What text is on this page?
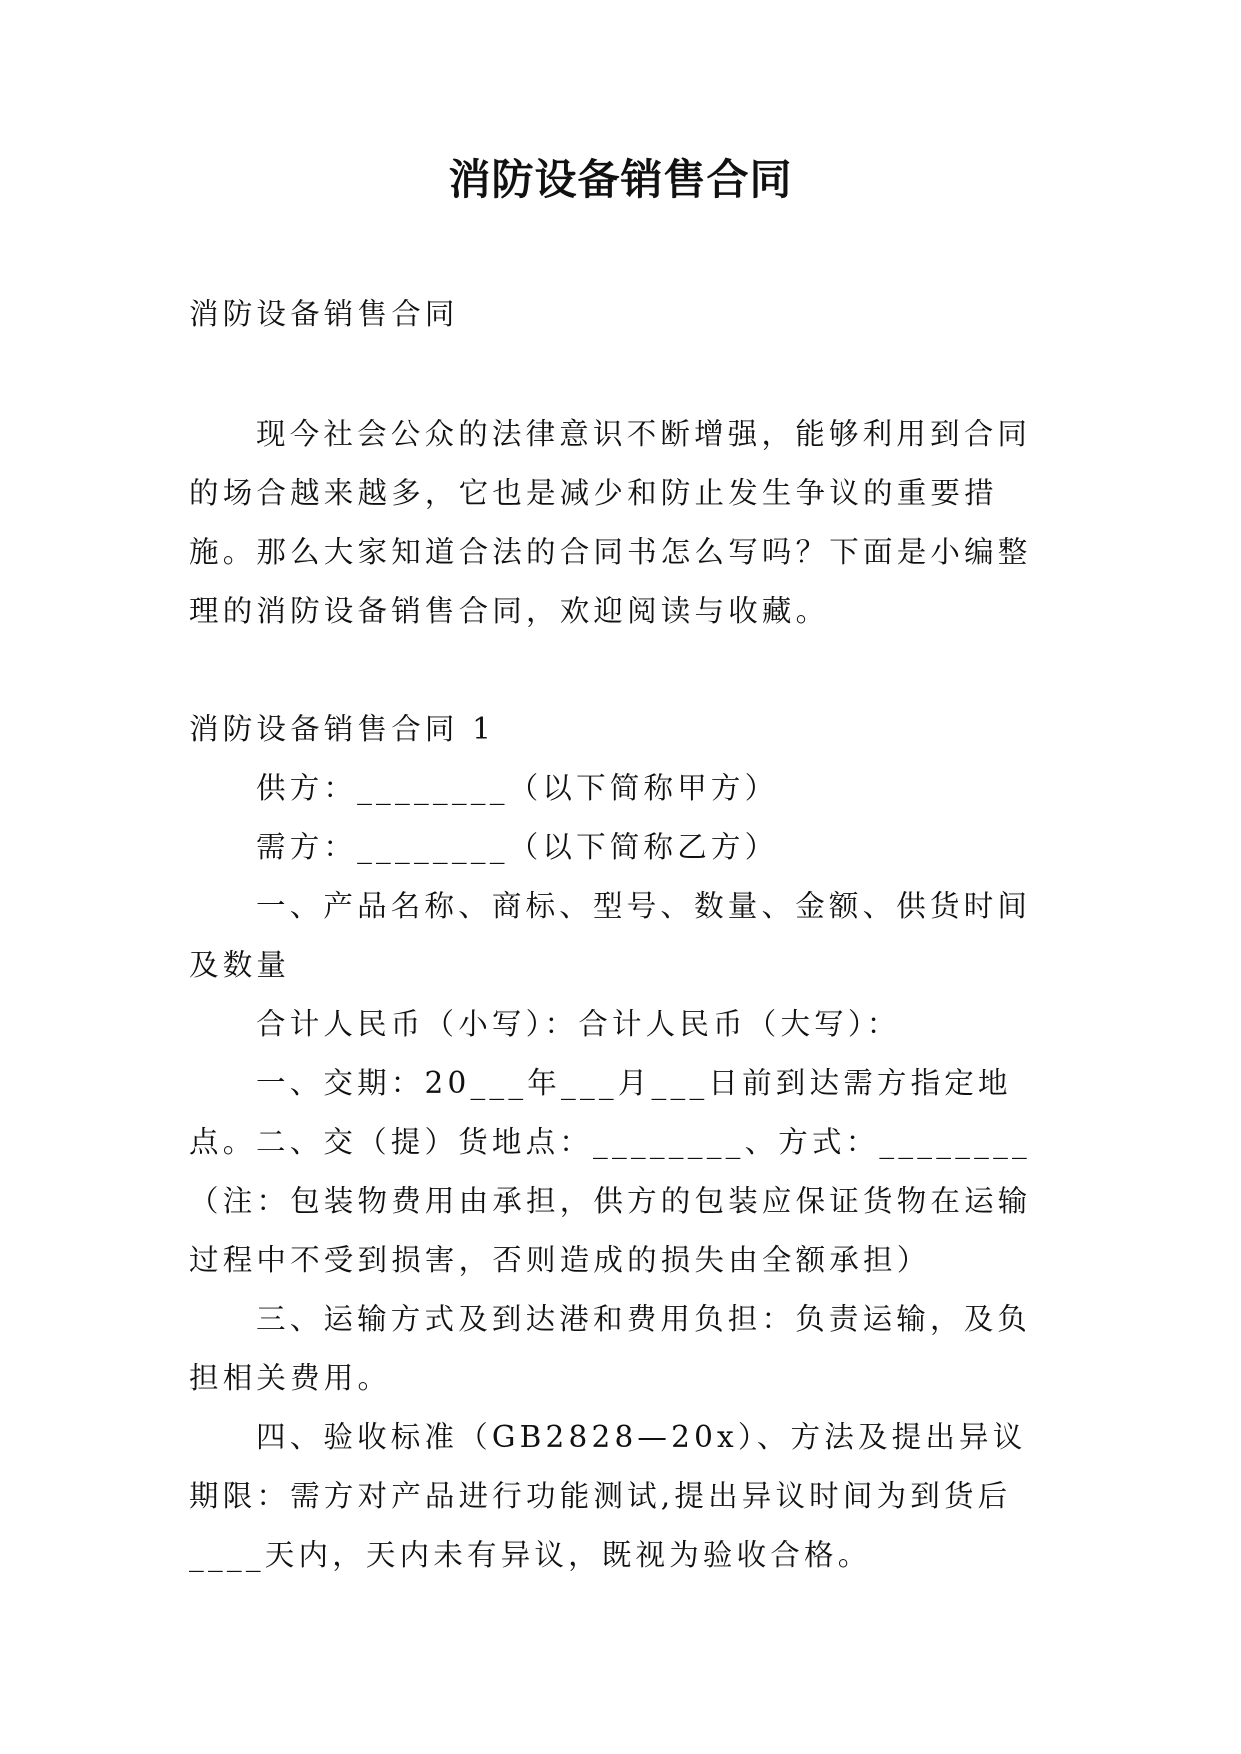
消防设备销售合同

消防设备销售合同

现今社会公众的法律意识不断增强，能够利用到合同的场合越来越多，它也是减少和防止发生争议的重要措施。那么大家知道合法的合同书怎么写吗？下面是小编整理的消防设备销售合同，欢迎阅读与收藏。

消防设备销售合同 1

供方：________（以下简称甲方）

需方：________（以下简称乙方）

一、产品名称、商标、型号、数量、金额、供货时间及数量

合计人民币（小写）：合计人民币（大写）：

一、交期：20___年___月___日前到达需方指定地点。 二、交（提）货地点：________、方式：________（注：包装物费用由承担，供方的包装应保证货物在运输过程中不受到损害，否则造成的损失由全额承担）

三、运输方式及到达港和费用负担：负责运输，及负担相关费用。

四、验收标准（GB2828—20x）、方法及提出异议期限：需方对产品进行功能测试,提出异议时间为到货后____天内，天内未有异议，既视为验收合格。
